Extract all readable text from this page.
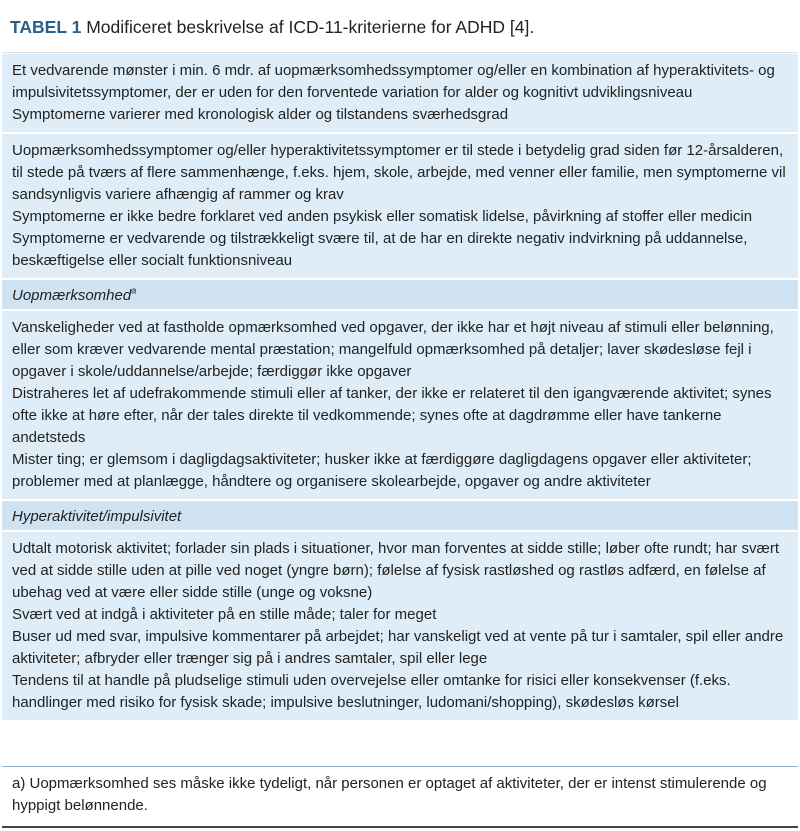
TABEL 1 Modificeret beskrivelse af ICD-11-kriterierne for ADHD [4].

Et vedvarende mønster i min. 6 mdr. af uopmærksomhedssymptomer og/eller en kombination af hyperaktivitets- og impulsivitetssymptomer, der er uden for den forventede variation for alder og kognitivt udviklingsniveau

Symptomerne varierer med kronologisk alder og tilstandens sværhedsgrad

Uopmærksomhedssymptomer og/eller hyperaktivitetssymptomer er til stede i betydelig grad siden før 12-årsalderen, til stede på tværs af flere sammenhænge, f.eks. hjem, skole, arbejde, med venner eller familie, men symptomerne vil sandsynligvis variere afhængig af rammer og krav

Symptomerne er ikke bedre forklaret ved anden psykisk eller somatisk lidelse, påvirkning af stoffer eller medicin

Symptomerne er vedvarende og tilstrækkeligt svære til, at de har en direkte negativ indvirkning på uddannelse, beskæftigelse eller socialt funktionsniveau

Uopmærksomhed$^a$

Vanskeligheder ved at fastholde opmærksomhed ved opgaver, der ikke har et højt niveau af stimuli eller belønning, eller som kræver vedvarende mental præstation; mangelfuld opmærksomhed på detaljer; laver skødesløse fejl i opgaver i skole/uddannelse/arbejde; færdiggør ikke opgaver

Distraheres let af udefrakommende stimuli eller af tanker, der ikke er relateret til den igangværende aktivitet; synes ofte ikke at høre efter, når der tales direkte til vedkommende; synes ofte at dagdrømme eller have tankerne andetsteds

Mister ting; er glemsom i dagligdagsaktiviteter; husker ikke at færdiggøre dagligdagens opgaver eller aktiviteter; problemer med at planlægge, håndtere og organisere skolearbejde, opgaver og andre aktiviteter

Hyperaktivitet/impulsivitet

Udtalt motorisk aktivitet; forlader sin plads i situationer, hvor man forventes at sidde stille; løber ofte rundt; har svært ved at sidde stille uden at pille ved noget (yngre børn); følelse af fysisk rastløshed og rastløs adfærd, en følelse af ubehag ved at være eller sidde stille (unge og voksne)

Svært ved at indgå i aktiviteter på en stille måde; taler for meget

Buser ud med svar, impulsive kommentarer på arbejdet; har vanskeligt ved at vente på tur i samtaler, spil eller andre aktiviteter; afbryder eller trænger sig på i andres samtaler, spil eller lege

Tendens til at handle på pludselige stimuli uden overvejelse eller omtanke for risici eller konsekvenser (f.eks. handlinger med risiko for fysisk skade; impulsive beslutninger, ludomani/shopping), skødesløs kørsel

a) Uopmærksomhed ses måske ikke tydeligt, når personen er optaget af aktiviteter, der er intenst stimulerende og hyppigt belønnende.
